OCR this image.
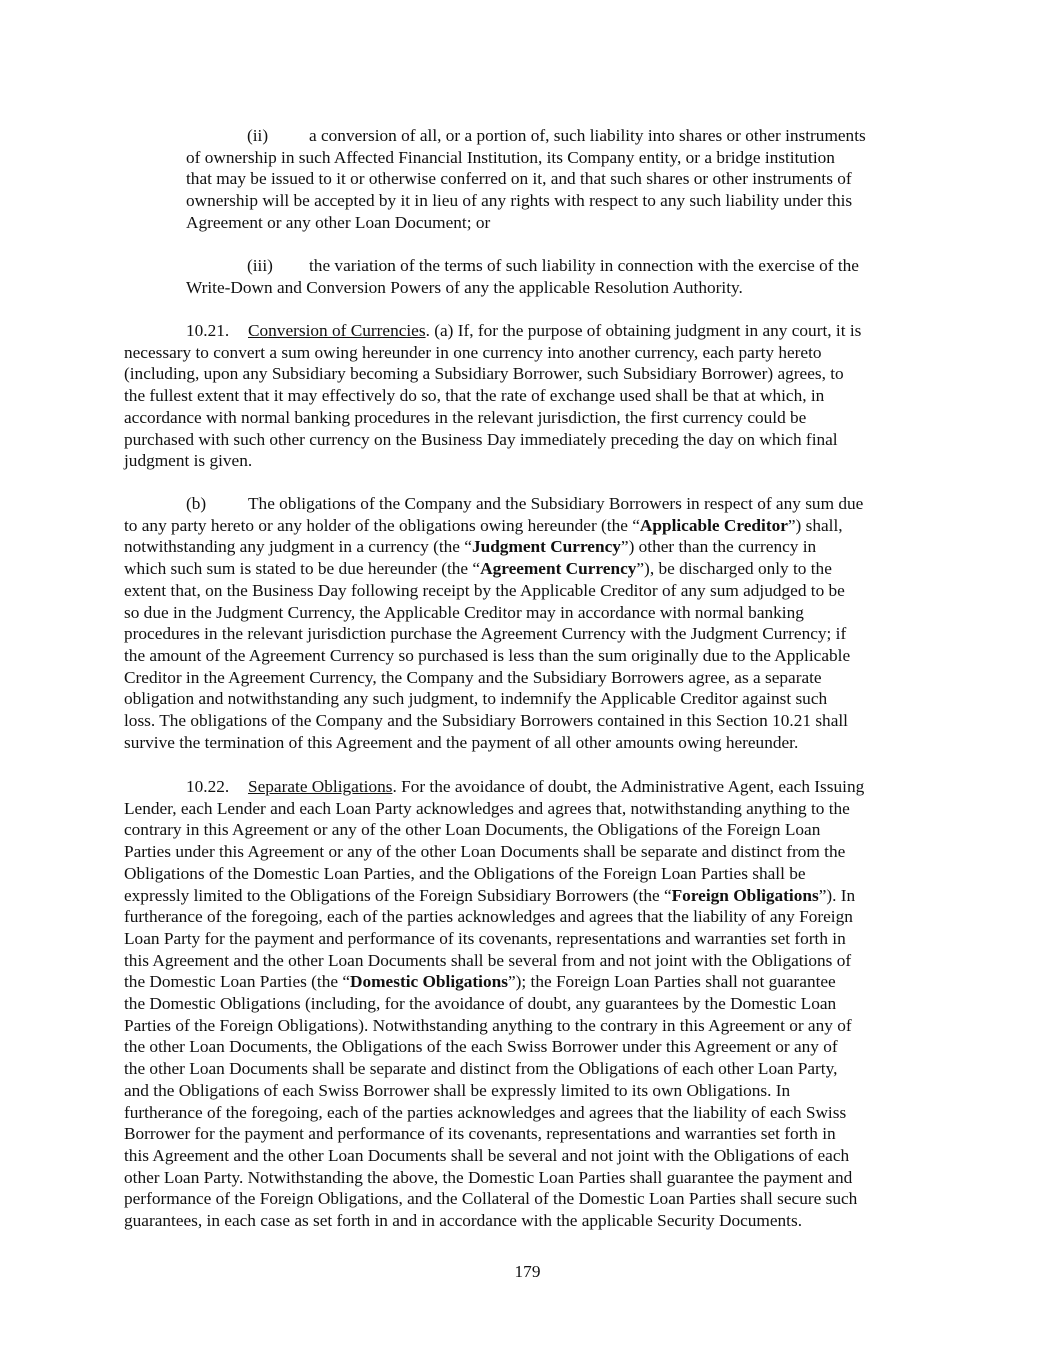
(ii) a conversion of all, or a portion of, such liability into shares or other instruments
of ownership in such Affected Financial Institution, its Company entity, or a bridge institution
that may be issued to it or otherwise conferred on it, and that such shares or other instruments of
ownership will be accepted by it in lieu of any rights with respect to any such liability under this
Agreement or any other Loan Document; or
(iii) the variation of the terms of such liability in connection with the exercise of the
Write-Down and Conversion Powers of any the applicable Resolution Authority.
10.21. Conversion of Currencies. (a) If, for the purpose of obtaining judgment in any court, it is
necessary to convert a sum owing hereunder in one currency into another currency, each party hereto
(including, upon any Subsidiary becoming a Subsidiary Borrower, such Subsidiary Borrower) agrees, to
the fullest extent that it may effectively do so, that the rate of exchange used shall be that at which, in
accordance with normal banking procedures in the relevant jurisdiction, the first currency could be
purchased with such other currency on the Business Day immediately preceding the day on which final
judgment is given.
(b) The obligations of the Company and the Subsidiary Borrowers in respect of any sum due
to any party hereto or any holder of the obligations owing hereunder (the “Applicable Creditor”) shall,
notwithstanding any judgment in a currency (the “Judgment Currency”) other than the currency in
which such sum is stated to be due hereunder (the “Agreement Currency”), be discharged only to the
extent that, on the Business Day following receipt by the Applicable Creditor of any sum adjudged to be
so due in the Judgment Currency, the Applicable Creditor may in accordance with normal banking
procedures in the relevant jurisdiction purchase the Agreement Currency with the Judgment Currency; if
the amount of the Agreement Currency so purchased is less than the sum originally due to the Applicable
Creditor in the Agreement Currency, the Company and the Subsidiary Borrowers agree, as a separate
obligation and notwithstanding any such judgment, to indemnify the Applicable Creditor against such
loss. The obligations of the Company and the Subsidiary Borrowers contained in this Section 10.21 shall
survive the termination of this Agreement and the payment of all other amounts owing hereunder.
10.22. Separate Obligations. For the avoidance of doubt, the Administrative Agent, each Issuing
Lender, each Lender and each Loan Party acknowledges and agrees that, notwithstanding anything to the
contrary in this Agreement or any of the other Loan Documents, the Obligations of the Foreign Loan
Parties under this Agreement or any of the other Loan Documents shall be separate and distinct from the
Obligations of the Domestic Loan Parties, and the Obligations of the Foreign Loan Parties shall be
expressly limited to the Obligations of the Foreign Subsidiary Borrowers (the “Foreign Obligations”). In
furtherance of the foregoing, each of the parties acknowledges and agrees that the liability of any Foreign
Loan Party for the payment and performance of its covenants, representations and warranties set forth in
this Agreement and the other Loan Documents shall be several from and not joint with the Obligations of
the Domestic Loan Parties (the “Domestic Obligations”); the Foreign Loan Parties shall not guarantee
the Domestic Obligations (including, for the avoidance of doubt, any guarantees by the Domestic Loan
Parties of the Foreign Obligations). Notwithstanding anything to the contrary in this Agreement or any of
the other Loan Documents, the Obligations of the each Swiss Borrower under this Agreement or any of
the other Loan Documents shall be separate and distinct from the Obligations of each other Loan Party,
and the Obligations of each Swiss Borrower shall be expressly limited to its own Obligations. In
furtherance of the foregoing, each of the parties acknowledges and agrees that the liability of each Swiss
Borrower for the payment and performance of its covenants, representations and warranties set forth in
this Agreement and the other Loan Documents shall be several and not joint with the Obligations of each
other Loan Party. Notwithstanding the above, the Domestic Loan Parties shall guarantee the payment and
performance of the Foreign Obligations, and the Collateral of the Domestic Loan Parties shall secure such
guarantees, in each case as set forth in and in accordance with the applicable Security Documents.
179
